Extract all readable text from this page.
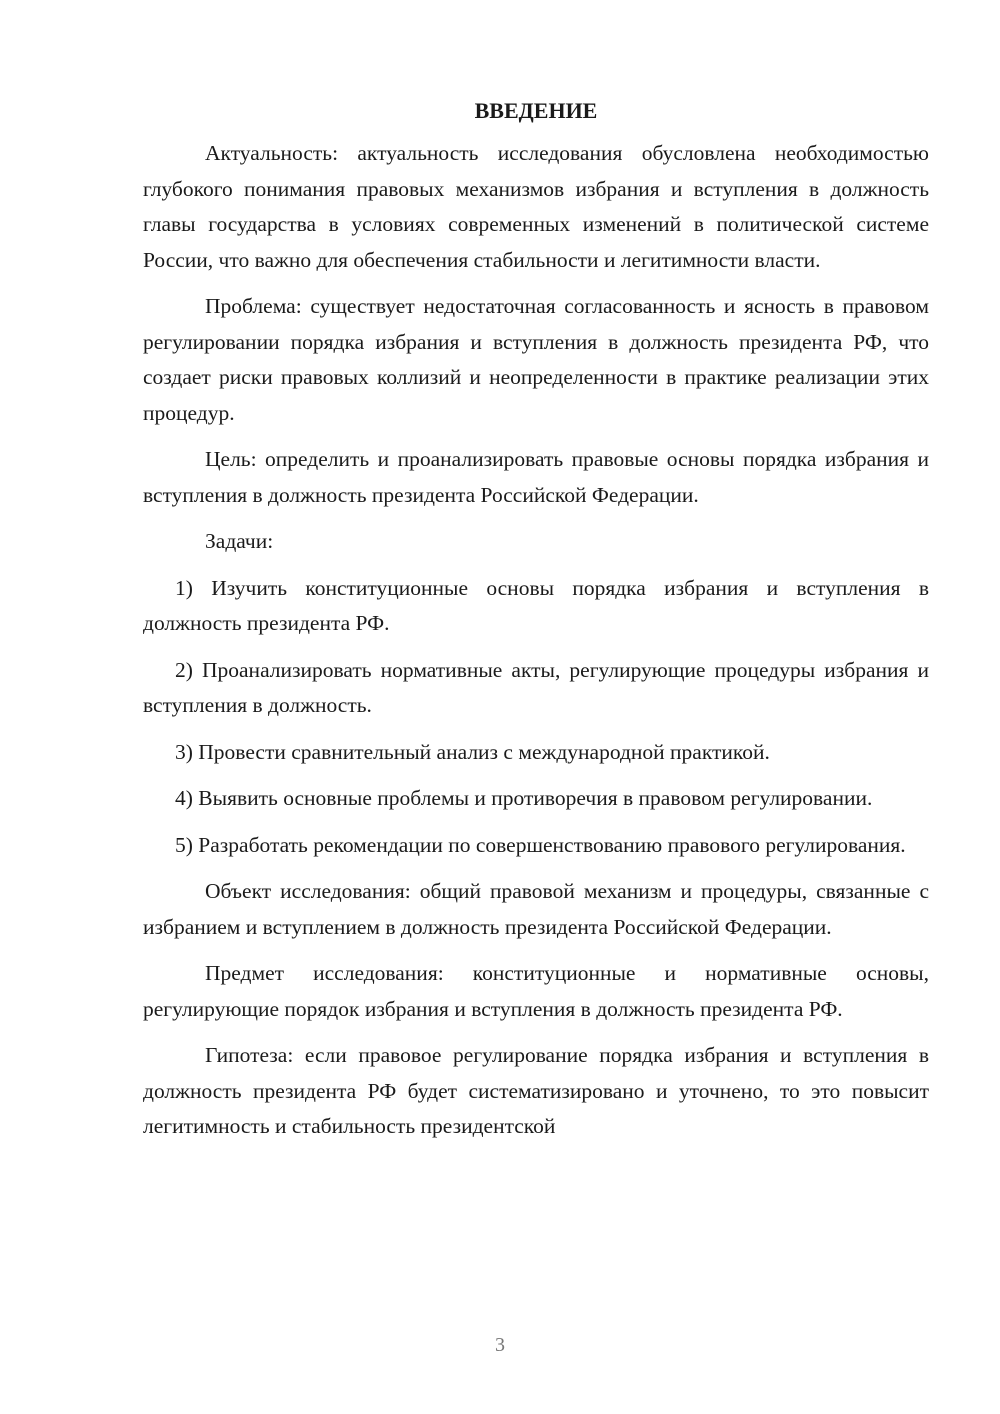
ВВЕДЕНИЕ

Актуальность: актуальность исследования обусловлена необходимостью глубокого понимания правовых механизмов избрания и вступления в должность главы государства в условиях современных изменений в политической системе России, что важно для обеспечения стабильности и легитимности власти.

Проблема: существует недостаточная согласованность и ясность в правовом регулировании порядка избрания и вступления в должность президента РФ, что создает риски правовых коллизий и неопределенности в практике реализации этих процедур.

Цель: определить и проанализировать правовые основы порядка избрания и вступления в должность президента Российской Федерации.

Задачи:

1) Изучить конституционные основы порядка избрания и вступления в должность президента РФ.

2) Проанализировать нормативные акты, регулирующие процедуры избрания и вступления в должность.

3) Провести сравнительный анализ с международной практикой.

4) Выявить основные проблемы и противоречия в правовом регулировании.

5) Разработать рекомендации по совершенствованию правового регулирования.

Объект исследования: общий правовой механизм и процедуры, связанные с избранием и вступлением в должность президента Российской Федерации.

Предмет исследования: конституционные и нормативные основы, регулирующие порядок избрания и вступления в должность президента РФ.

Гипотеза: если правовое регулирование порядка избрания и вступления в должность президента РФ будет систематизировано и уточнено, то это повысит легитимность и стабильность президентской

3
